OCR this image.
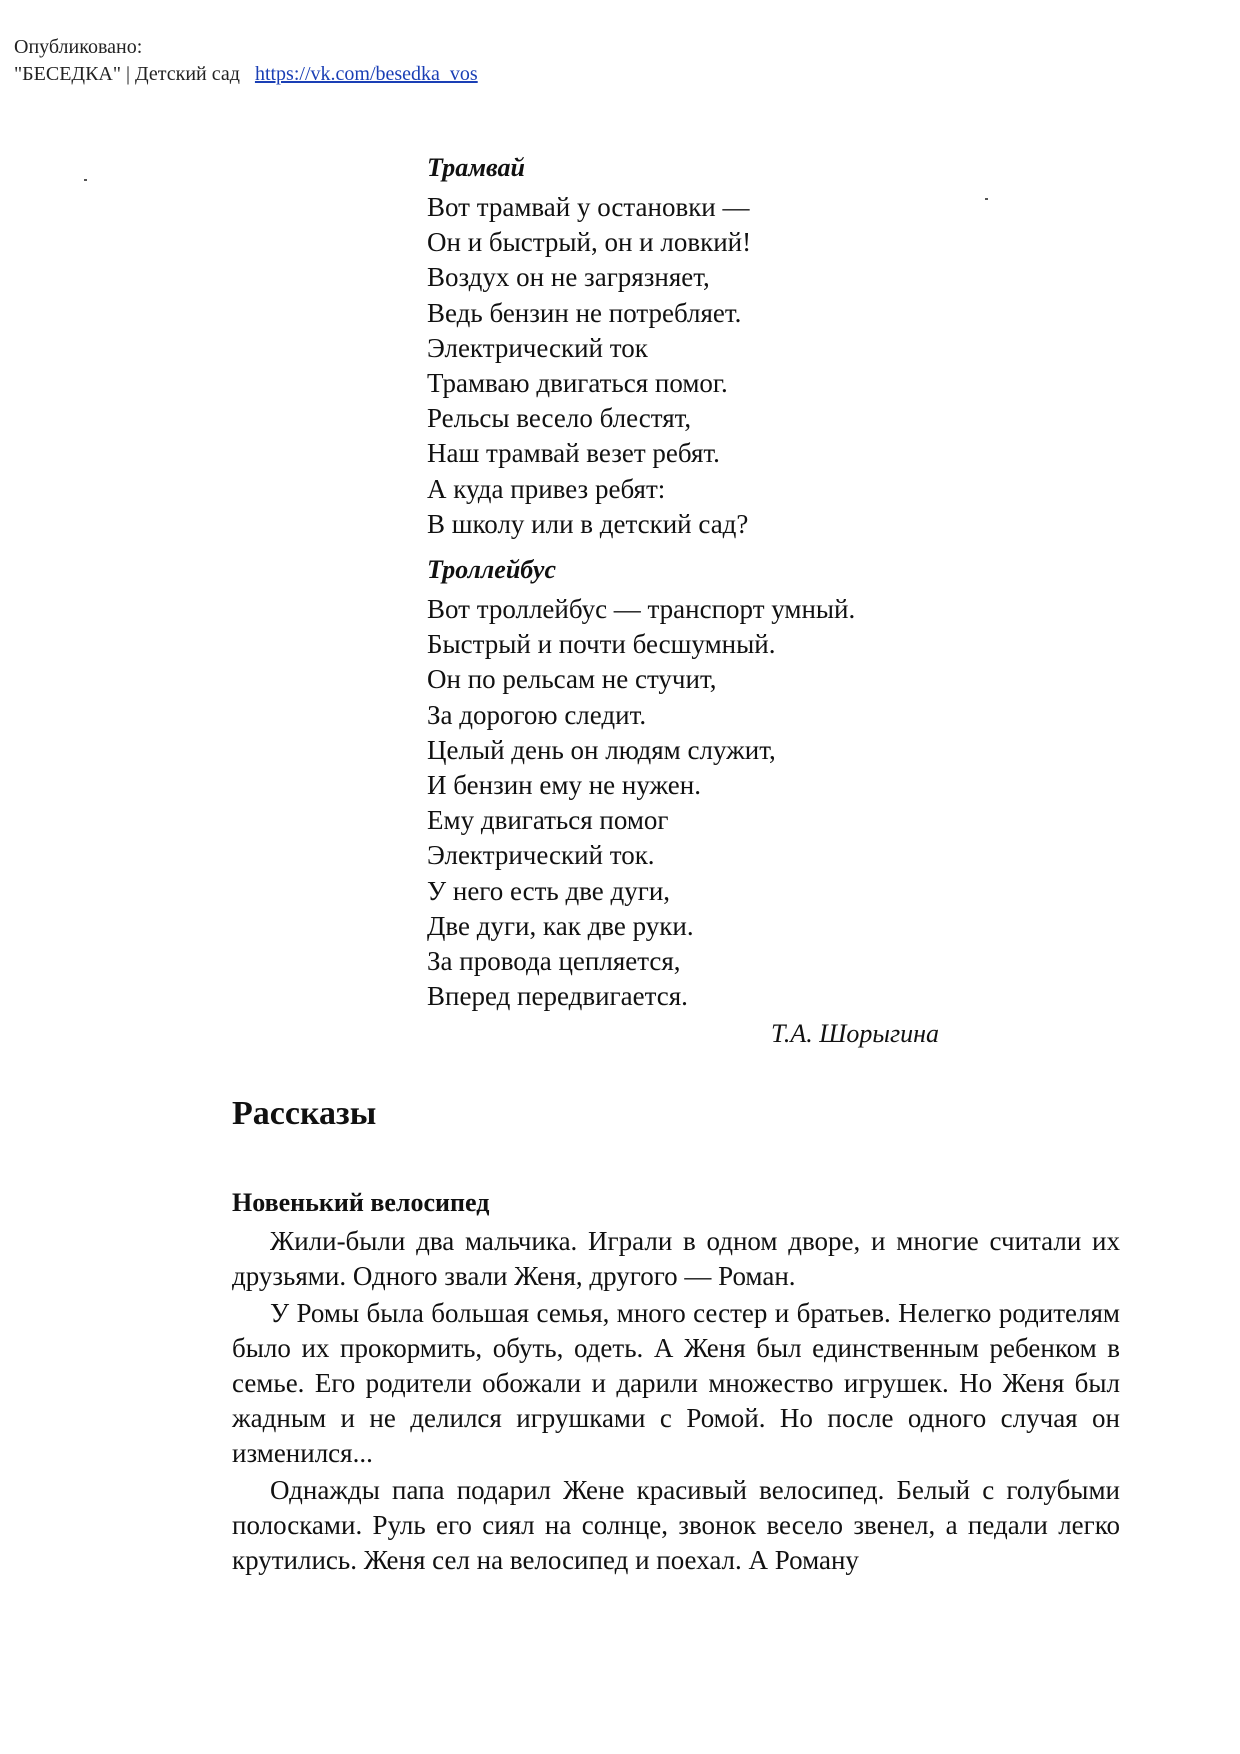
Опубликовано:
"БЕСЕДКА" | Детский сад https://vk.com/besedka_vos
Трамвай
Вот трамвай у остановки —
Он и быстрый, он и ловкий!
Воздух он не загрязняет,
Ведь бензин не потребляет.
Электрический ток
Трамваю двигаться помог.
Рельсы весело блестят,
Наш трамвай везет ребят.
А куда привез ребят:
В школу или в детский сад?
Троллейбус
Вот троллейбус — транспорт умный.
Быстрый и почти бесшумный.
Он по рельсам не стучит,
За дорогою следит.
Целый день он людям служит,
И бензин ему не нужен.
Ему двигаться помог
Электрический ток.
У него есть две дуги,
Две дуги, как две руки.
За провода цепляется,
Вперед передвигается.
Т.А. Шорыгина
Рассказы
Новенький велосипед

Жили-были два мальчика. Играли в одном дворе, и многие считали их друзьями. Одного звали Женя, другого — Роман.

У Ромы была большая семья, много сестер и братьев. Нелегко родителям было их прокормить, обуть, одеть. А Женя был единственным ребенком в семье. Его родители обожали и дарили множество игрушек. Но Женя был жадным и не делился игрушками с Ромой. Но после одного случая он изменился...

Однажды папа подарил Жене красивый велосипед. Белый с голубыми полосками. Руль его сиял на солнце, звонок весело звенел, а педали легко крутились. Женя сел на велосипед и поехал. А Роману
